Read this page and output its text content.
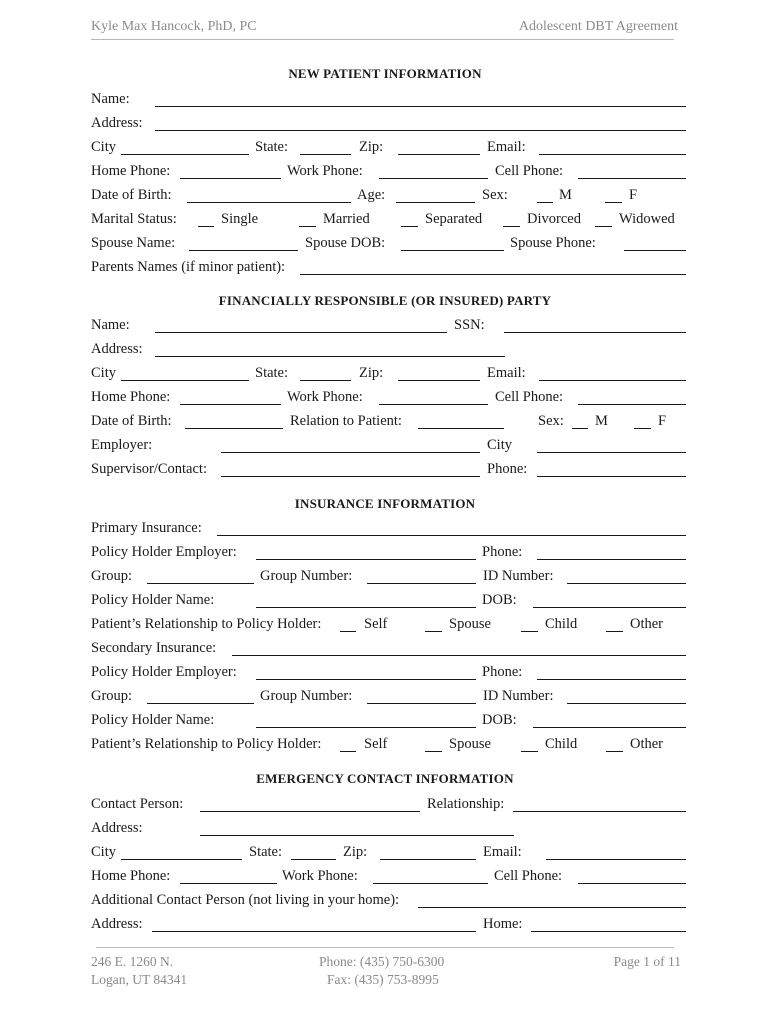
Kyle Max Hancock, PhD, PC	Adolescent DBT Agreement
NEW PATIENT INFORMATION
Name:
Address:
City	State:	Zip:	Email:
Home Phone:	Work Phone:	Cell Phone:
Date of Birth:	Age:	Sex:	M	F
Marital Status:	Single	Married	Separated	Divorced	Widowed
Spouse Name:	Spouse DOB:	Spouse Phone:
Parents Names (if minor patient):
FINANCIALLY RESPONSIBLE (OR INSURED) PARTY
Name:	SSN:
Address:
City	State:	Zip:	Email:
Home Phone:	Work Phone:	Cell Phone:
Date of Birth:	Relation to Patient:	Sex: M	F
Employer:	City
Supervisor/Contact:	Phone:
INSURANCE INFORMATION
Primary Insurance:
Policy Holder Employer:	Phone:
Group:	Group Number:	ID Number:
Policy Holder Name:	DOB:
Patient’s Relationship to Policy Holder:	Self	Spouse	Child	Other
Secondary Insurance:
Policy Holder Employer:	Phone:
Group:	Group Number:	ID Number:
Policy Holder Name:	DOB:
Patient’s Relationship to Policy Holder:	Self	Spouse	Child	Other
EMERGENCY CONTACT INFORMATION
Contact Person:	Relationship:
Address:
City	State:	Zip:	Email:
Home Phone:	Work Phone:	Cell Phone:
Additional Contact Person (not living in your home):
Address:	Home:
246 E. 1260 N.
Logan, UT 84341
Phone: (435) 750-6300
Fax: (435) 753-8995
Page 1 of 11
